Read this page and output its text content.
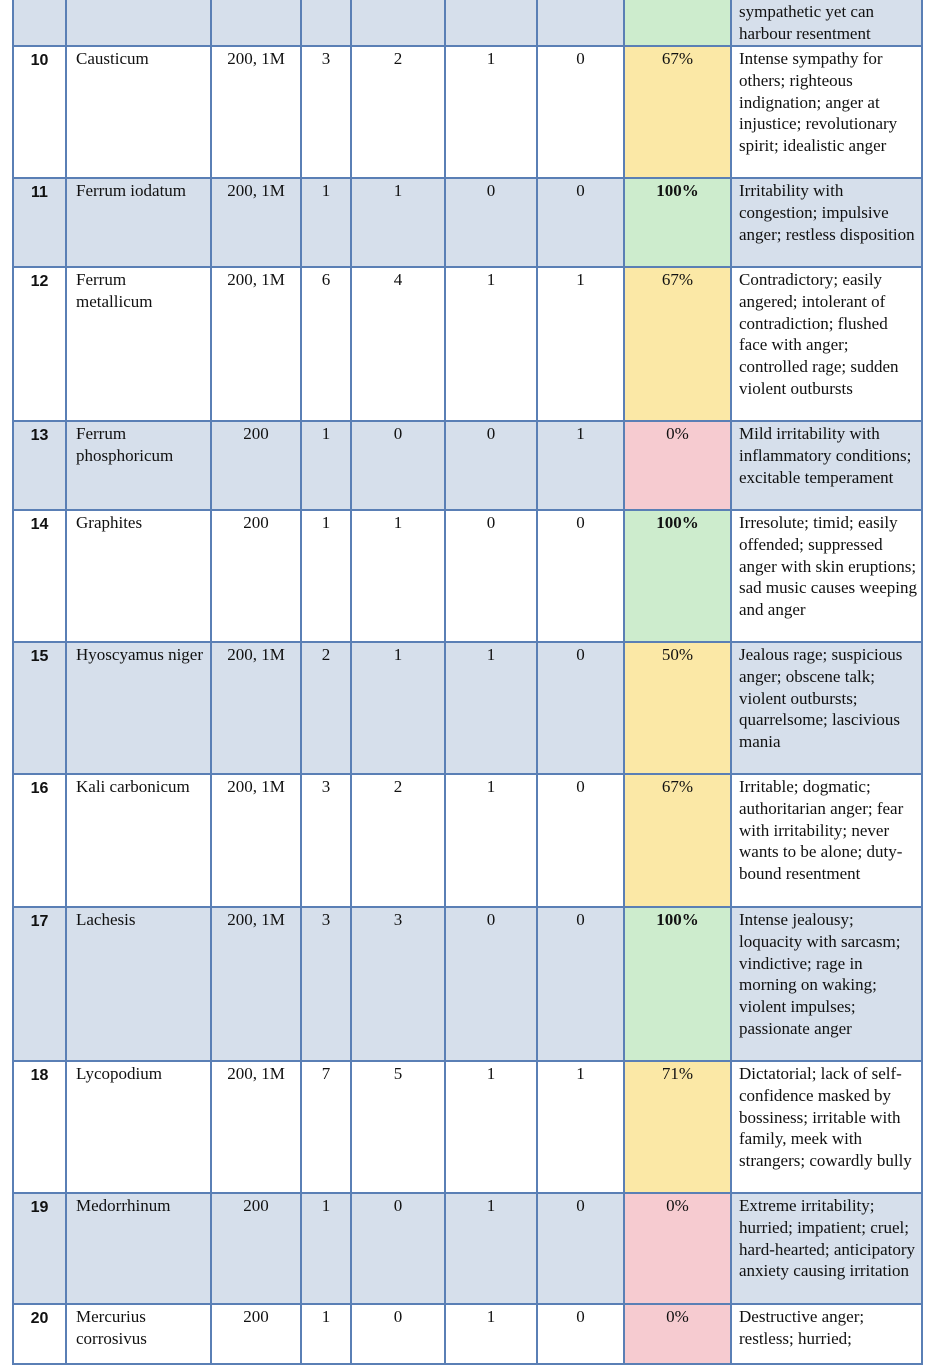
								sympathetic yet can harbour resentment
10	Causticum	200, 1M	3	2	1	0	67%	Intense sympathy for others; righteous indignation; anger at injustice; revolutionary spirit; idealistic anger
11	Ferrum iodatum	200, 1M	1	1	0	0	100%	Irritability with congestion; impulsive anger; restless disposition
12	Ferrum metallicum	200, 1M	6	4	1	1	67%	Contradictory; easily angered; intolerant of contradiction; flushed face with anger; controlled rage; sudden violent outbursts
13	Ferrum phosphoricum	200	1	0	0	1	0%	Mild irritability with inflammatory conditions; excitable temperament
14	Graphites	200	1	1	0	0	100%	Irresolute; timid; easily offended; suppressed anger with skin eruptions; sad music causes weeping and anger
15	Hyoscyamus niger	200, 1M	2	1	1	0	50%	Jealous rage; suspicious anger; obscene talk; violent outbursts; quarrelsome; lascivious mania
16	Kali carbonicum	200, 1M	3	2	1	0	67%	Irritable; dogmatic; authoritarian anger; fear with irritability; never wants to be alone; duty-bound resentment
17	Lachesis	200, 1M	3	3	0	0	100%	Intense jealousy; loquacity with sarcasm; vindictive; rage in morning on waking; violent impulses; passionate anger
18	Lycopodium	200, 1M	7	5	1	1	71%	Dictatorial; lack of self-confidence masked by bossiness; irritable with family, meek with strangers; cowardly bully
19	Medorrhinum	200	1	0	1	0	0%	Extreme irritability; hurried; impatient; cruel; hard-hearted; anticipatory anxiety causing irritation
20	Mercurius corrosivus	200	1	0	1	0	0%	Destructive anger; restless; hurried;
